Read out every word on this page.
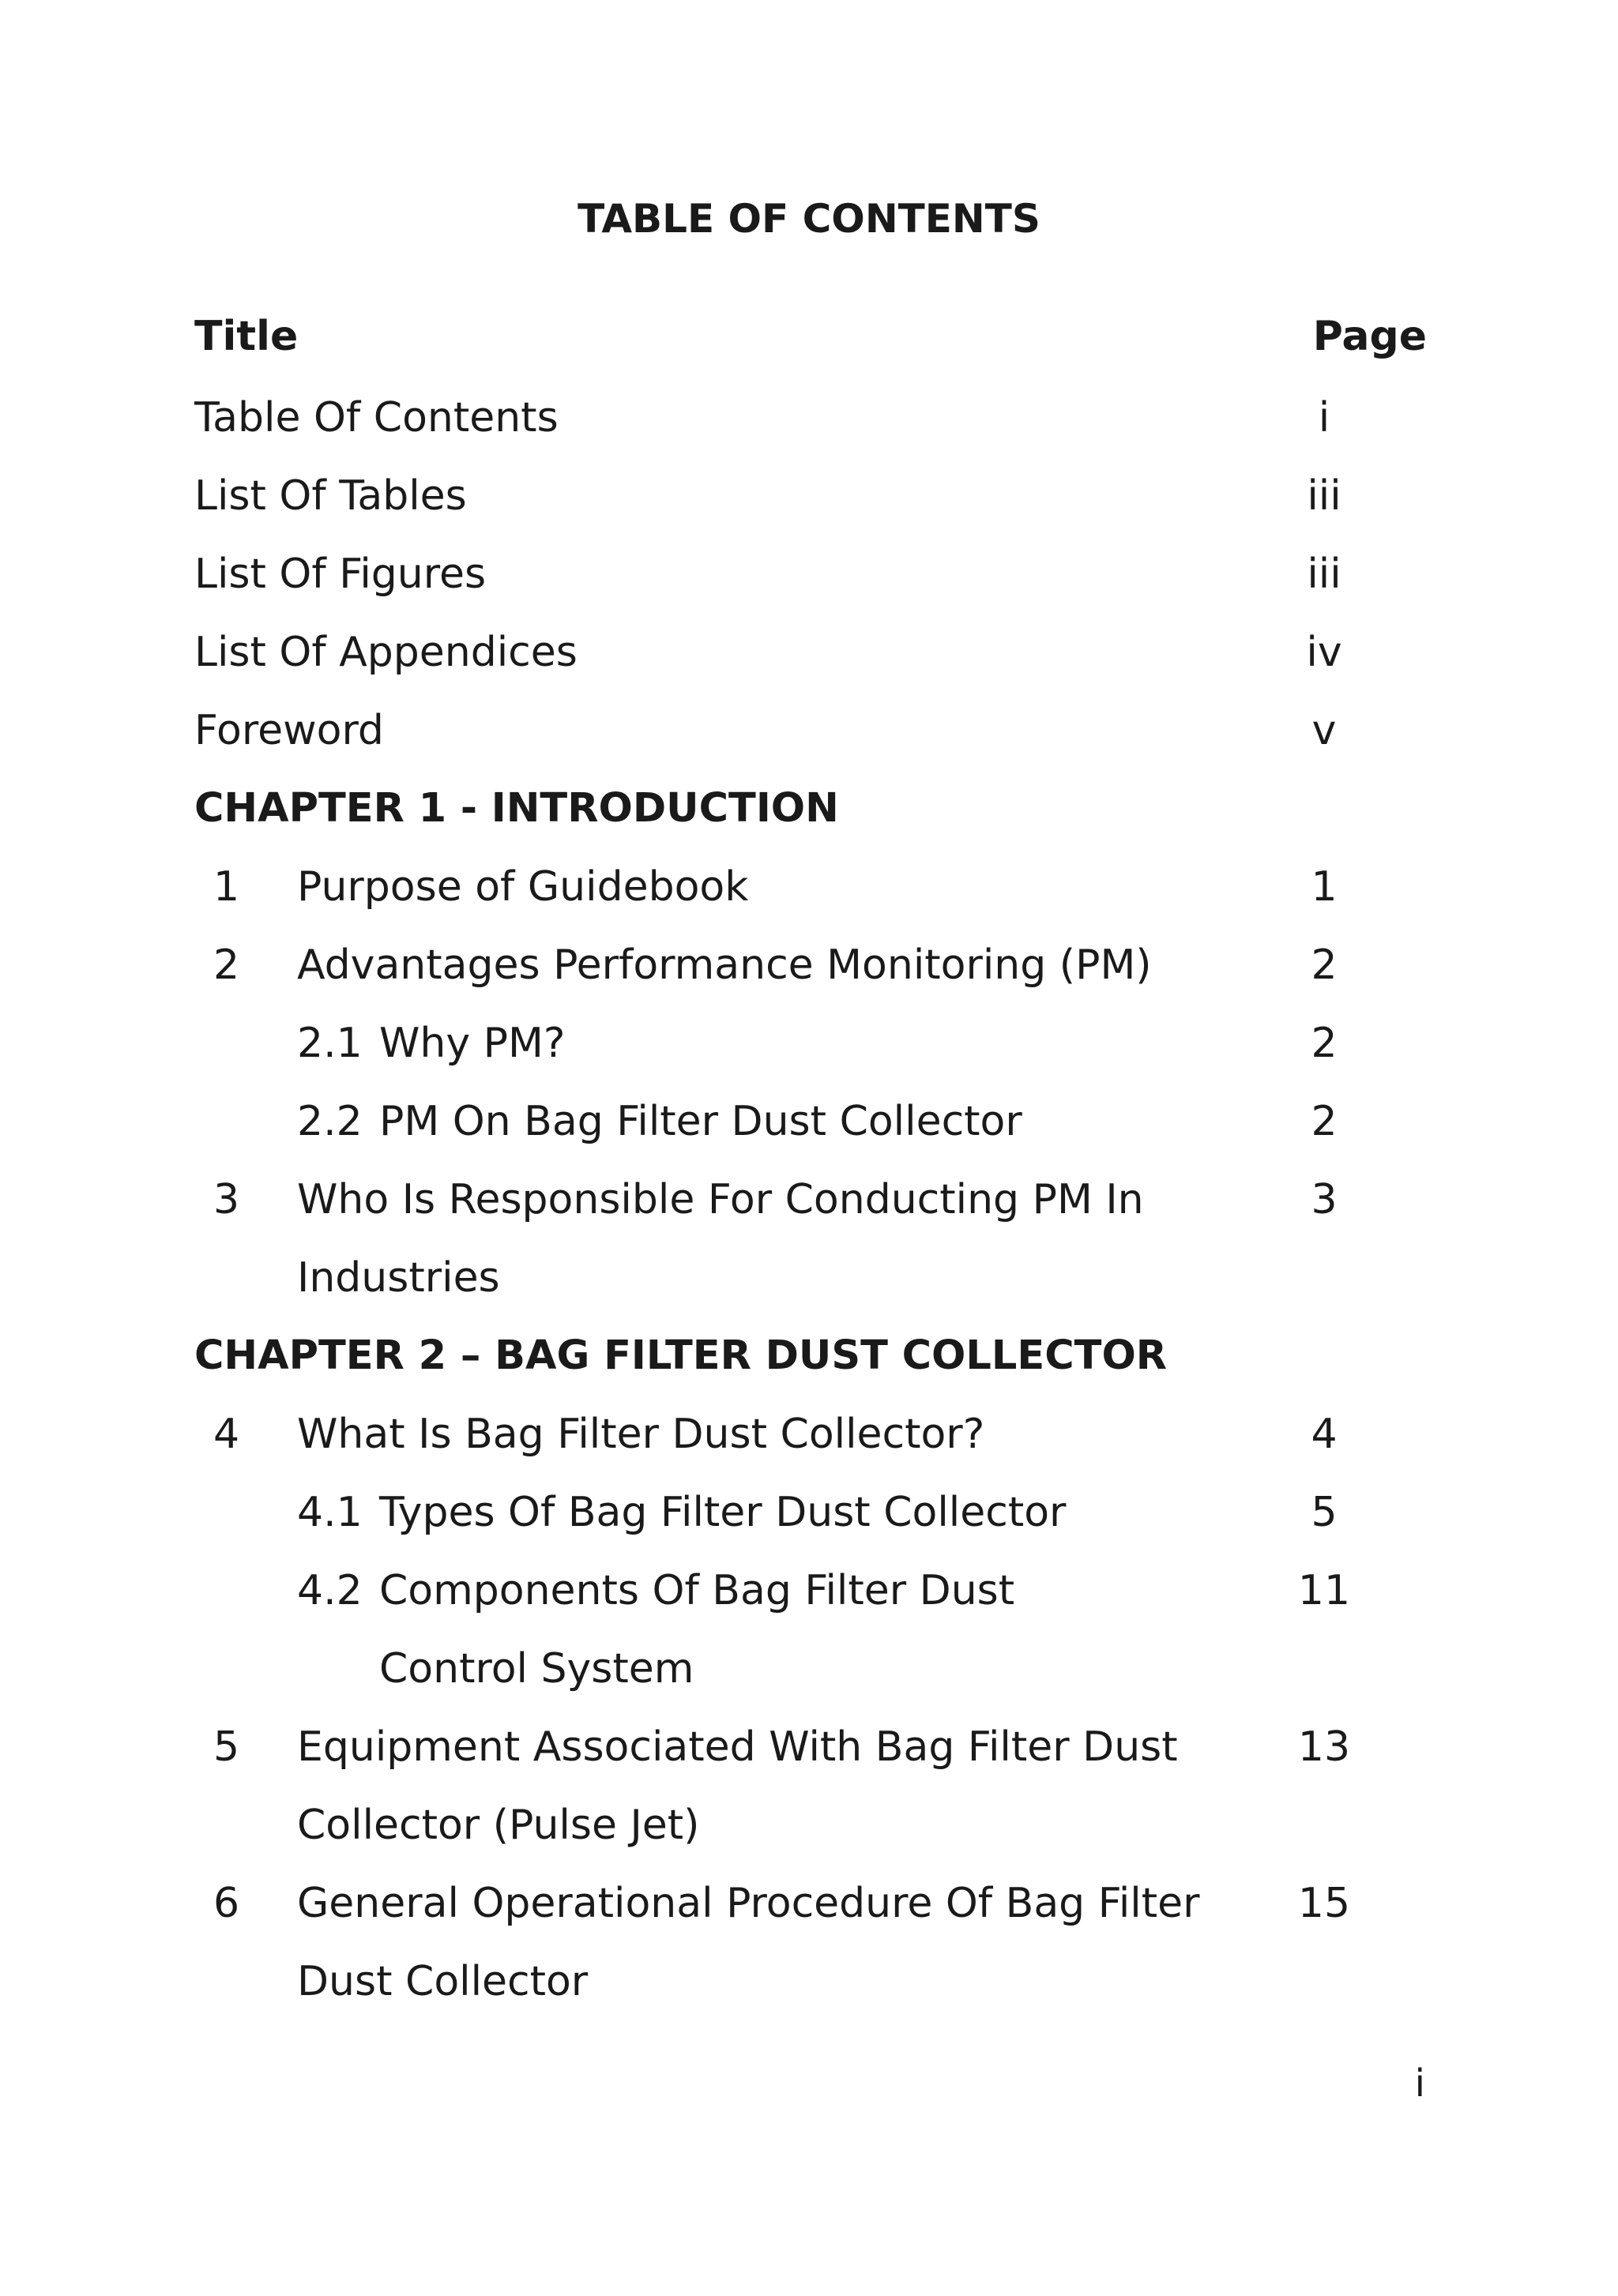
TABLE OF CONTENTS
Title	Page
Table Of Contents	i
List Of Tables	iii
List Of Figures	iii
List Of Appendices	iv
Foreword	v
CHAPTER 1 - INTRODUCTION
1 Purpose of Guidebook	1
2 Advantages Performance Monitoring (PM)	2
2.1 Why PM?	2
2.2 PM On Bag Filter Dust Collector	2
3 Who Is Responsible For Conducting PM In	3
Industries
CHAPTER 2 – BAG FILTER DUST COLLECTOR
4 What Is Bag Filter Dust Collector?	4
4.1 Types Of Bag Filter Dust Collector	5
4.2 Components Of Bag Filter Dust	11
Control System
5 Equipment Associated With Bag Filter Dust	13
Collector (Pulse Jet)
6 General Operational Procedure Of Bag Filter	15
Dust Collector
i
